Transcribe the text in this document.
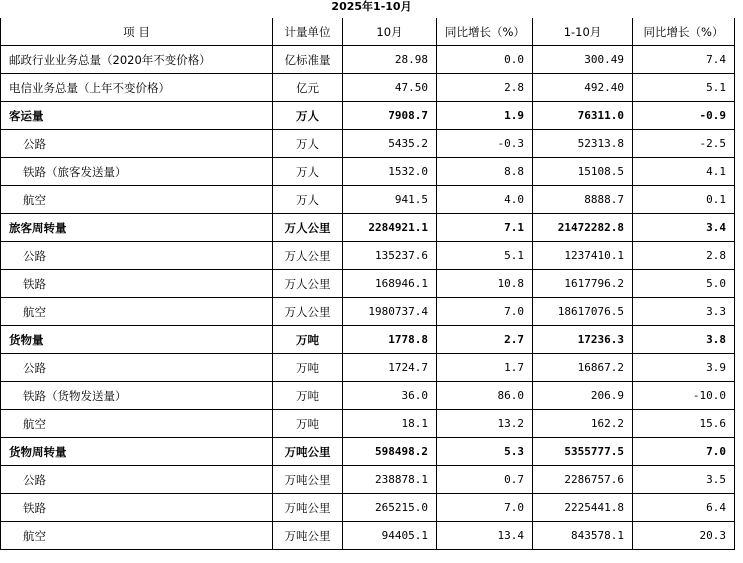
2025年1-10月
项 目	计量单位	10月	同比增长（%）	1-10月	同比增长（%）
邮政行业业务总量（2020年不变价格）	亿标准量	28.98	0.0	300.49	7.4
电信业务总量（上年不变价格）	亿元	47.50	2.8	492.40	5.1
客运量	万人	7908.7	1.9	76311.0	-0.9
公路	万人	5435.2	-0.3	52313.8	-2.5
铁路（旅客发送量）	万人	1532.0	8.8	15108.5	4.1
航空	万人	941.5	4.0	8888.7	0.1
旅客周转量	万人公里	2284921.1	7.1	21472282.8	3.4
公路	万人公里	135237.6	5.1	1237410.1	2.8
铁路	万人公里	168946.1	10.8	1617796.2	5.0
航空	万人公里	1980737.4	7.0	18617076.5	3.3
货物量	万吨	1778.8	2.7	17236.3	3.8
公路	万吨	1724.7	1.7	16867.2	3.9
铁路（货物发送量）	万吨	36.0	86.0	206.9	-10.0
航空	万吨	18.1	13.2	162.2	15.6
货物周转量	万吨公里	598498.2	5.3	5355777.5	7.0
公路	万吨公里	238878.1	0.7	2286757.6	3.5
铁路	万吨公里	265215.0	7.0	2225441.8	6.4
航空	万吨公里	94405.1	13.4	843578.1	20.3
